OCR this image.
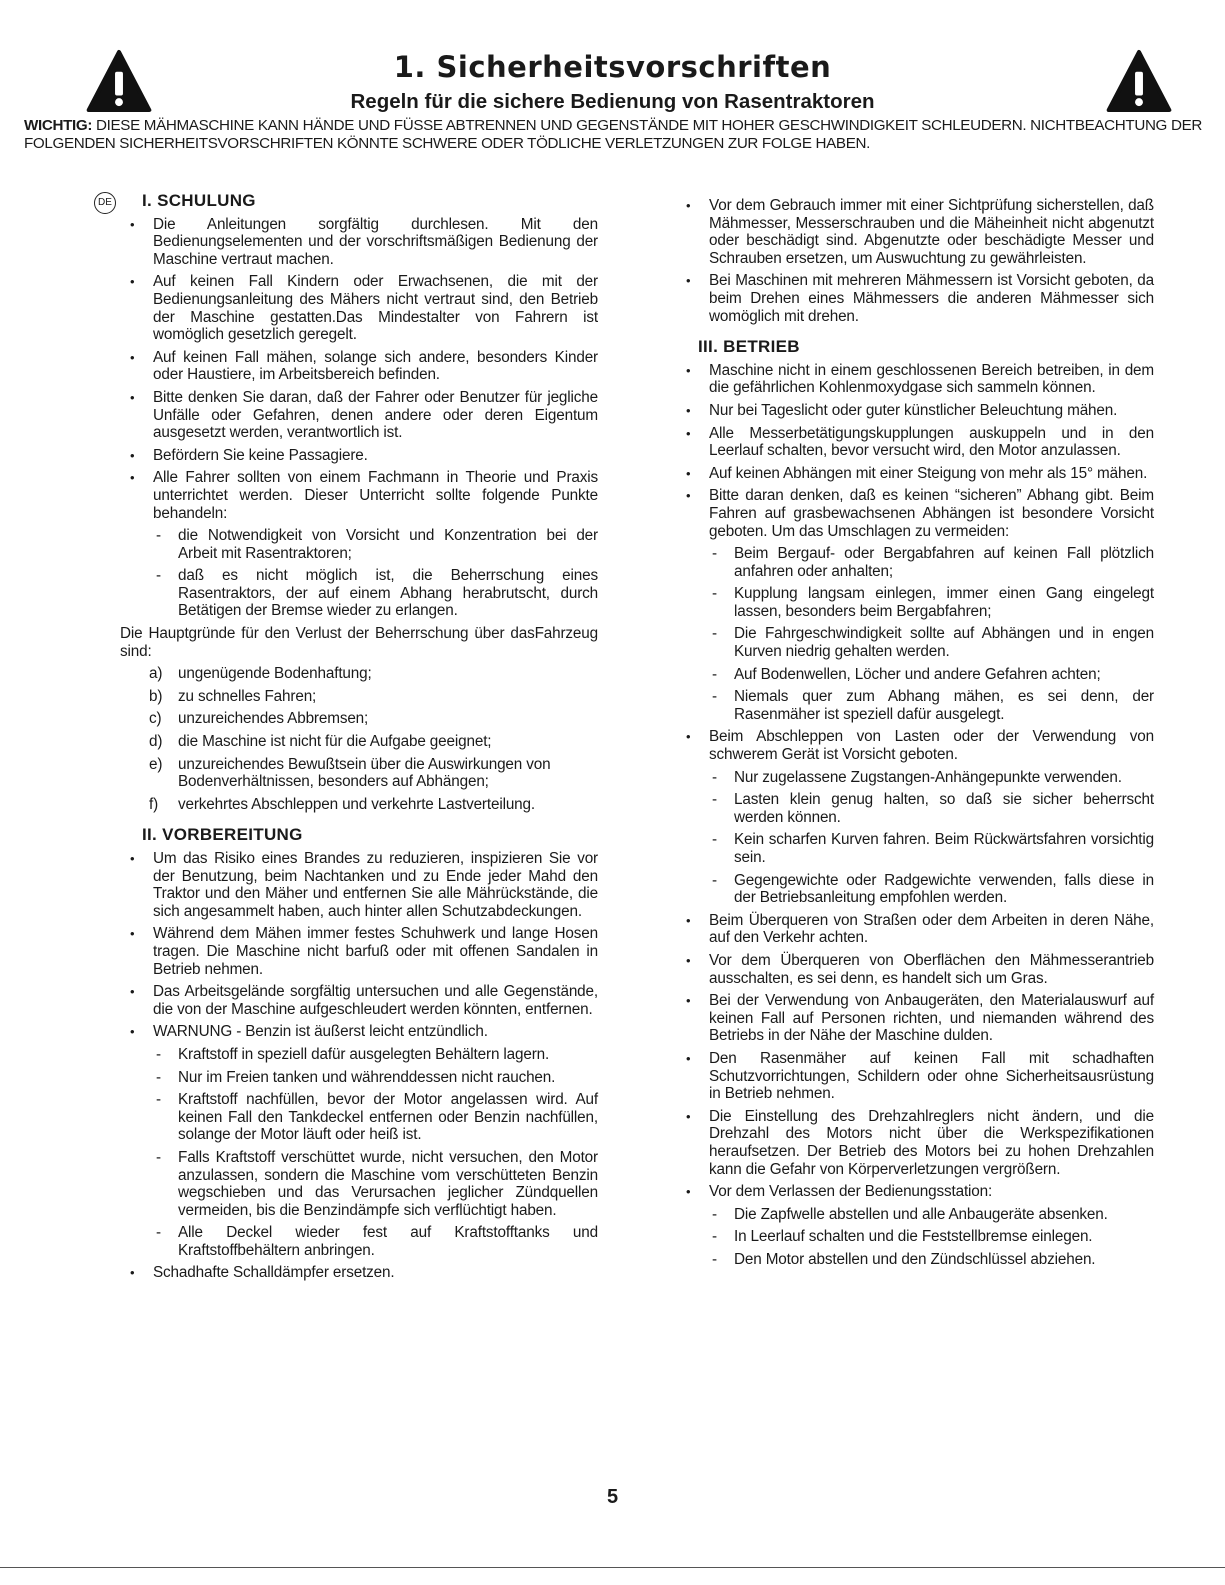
1. Sicherheitsvorschriften
Regeln für die sichere Bedienung von Rasentraktoren
WICHTIG: DIESE MÄHMASCHINE KANN HÄNDE UND FÜSSE ABTRENNEN UND GEGENSTÄNDE MIT HOHER GESCHWINDIGKEIT SCHLEUDERN. NICHTBEACHTUNG DER FOLGENDEN SICHERHEITSVORSCHRIFTEN KÖNNTE SCHWERE ODER TÖDLICHE VERLETZUNGEN ZUR FOLGE HABEN.
DE I. SCHULUNG
• Die Anleitungen sorgfältig durchlesen. Mit den Bedienungselementen und der vorschriftsmäßigen Bedienung der Maschine vertraut machen.
• Auf keinen Fall Kindern oder Erwachsenen, die mit der Bedienungsanleitung des Mähers nicht vertraut sind, den Betrieb der Maschine gestatten.Das Mindestalter von Fahrern ist womöglich gesetzlich geregelt.
• Auf keinen Fall mähen, solange sich andere, besonders Kinder oder Haustiere, im Arbeitsbereich befinden.
• Bitte denken Sie daran, daß der Fahrer oder Benutzer für jegliche Unfälle oder Gefahren, denen andere oder deren Eigentum ausgesetzt werden, verantwortlich ist.
• Befördern Sie keine Passagiere.
• Alle Fahrer sollten von einem Fachmann in Theorie und Praxis unterrichtet werden. Dieser Unterricht sollte folgende Punkte behandeln:
- die Notwendigkeit von Vorsicht und Konzentration bei der Arbeit mit Rasentraktoren;
- daß es nicht möglich ist, die Beherrschung eines Rasentraktors, der auf einem Abhang herabrutscht, durch Betätigen der Bremse wieder zu erlangen.
Die Hauptgründe für den Verlust der Beherrschung über dasFahrzeug sind:
a) ungenügende Bodenhaftung;
b) zu schnelles Fahren;
c) unzureichendes Abbremsen;
d) die Maschine ist nicht für die Aufgabe geeignet;
e) unzureichendes Bewußtsein über die Auswirkungen von Bodenverhältnissen, besonders auf Abhängen;
f) verkehrtes Abschleppen und verkehrte Lastverteilung.
II. VORBEREITUNG
• Um das Risiko eines Brandes zu reduzieren, inspizieren Sie vor der Benutzung, beim Nachtanken und zu Ende jeder Mahd den Traktor und den Mäher und entfernen Sie alle Mährückstände, die sich angesammelt haben, auch hinter allen Schutzabdeckungen.
• Während dem Mähen immer festes Schuhwerk und lange Hosen tragen. Die Maschine nicht barfuß oder mit offenen Sandalen in Betrieb nehmen.
• Das Arbeitsgelände sorgfältig untersuchen und alle Gegenstände, die von der Maschine aufgeschleudert werden könnten, entfernen.
• WARNUNG - Benzin ist äußerst leicht entzündlich.
- Kraftstoff in speziell dafür ausgelegten Behältern lagern.
- Nur im Freien tanken und währenddessen nicht rauchen.
- Kraftstoff nachfüllen, bevor der Motor angelassen wird. Auf keinen Fall den Tankdeckel entfernen oder Benzin nachfüllen, solange der Motor läuft oder heiß ist.
- Falls Kraftstoff verschüttet wurde, nicht versuchen, den Motor anzulassen, sondern die Maschine vom verschütteten Benzin wegschieben und das Verursachen jeglicher Zündquellen vermeiden, bis die Benzindämpfe sich verflüchtigt haben.
- Alle Deckel wieder fest auf Kraftstofftanks und Kraftstoffbehältern anbringen.
• Schadhafte Schalldämpfer ersetzen.
• Vor dem Gebrauch immer mit einer Sichtprüfung sicherstellen, daß Mähmesser, Messerschrauben und die Mäheinheit nicht abgenutzt oder beschädigt sind. Abgenutzte oder beschädigte Messer und Schrauben ersetzen, um Auswuchtung zu gewährleisten.
• Bei Maschinen mit mehreren Mähmessern ist Vorsicht geboten, da beim Drehen eines Mähmessers die anderen Mähmesser sich womöglich mit drehen.
III. BETRIEB
• Maschine nicht in einem geschlossenen Bereich betreiben, in dem die gefährlichen Kohlenmoxydgase sich sammeln können.
• Nur bei Tageslicht oder guter künstlicher Beleuchtung mähen.
• Alle Messerbetätigungskupplungen auskuppeln und in den Leerlauf schalten, bevor versucht wird, den Motor anzulassen.
• Auf keinen Abhängen mit einer Steigung von mehr als 15° mähen.
• Bitte daran denken, daß es keinen “sicheren” Abhang gibt. Beim Fahren auf grasbewachsenen Abhängen ist besondere Vorsicht geboten. Um das Umschlagen zu vermeiden:
- Beim Bergauf- oder Bergabfahren auf keinen Fall plötzlich anfahren oder anhalten;
- Kupplung langsam einlegen, immer einen Gang eingelegt lassen, besonders beim Bergabfahren;
- Die Fahrgeschwindigkeit sollte auf Abhängen und in engen Kurven niedrig gehalten werden.
- Auf Bodenwellen, Löcher und andere Gefahren achten;
- Niemals quer zum Abhang mähen, es sei denn, der Rasenmäher ist speziell dafür ausgelegt.
• Beim Abschleppen von Lasten oder der Verwendung von schwerem Gerät ist Vorsicht geboten.
- Nur zugelassene Zugstangen-Anhängepunkte verwenden.
- Lasten klein genug halten, so daß sie sicher beherrscht werden können.
- Kein scharfen Kurven fahren. Beim Rückwärtsfahren vorsichtig sein.
- Gegengewichte oder Radgewichte verwenden, falls diese in der Betriebsanleitung empfohlen werden.
• Beim Überqueren von Straßen oder dem Arbeiten in deren Nähe, auf den Verkehr achten.
• Vor dem Überqueren von Oberflächen den Mähmesserantrieb ausschalten, es sei denn, es handelt sich um Gras.
• Bei der Verwendung von Anbaugeräten, den Materialauswurf auf keinen Fall auf Personen richten, und niemanden während des Betriebs in der Nähe der Maschine dulden.
• Den Rasenmäher auf keinen Fall mit schadhaften Schutzvorrichtungen, Schildern oder ohne Sicherheitsausrüstung in Betrieb nehmen.
• Die Einstellung des Drehzahlreglers nicht ändern, und die Drehzahl des Motors nicht über die Werkspezifikationen heraufsetzen. Der Betrieb des Motors bei zu hohen Drehzahlen kann die Gefahr von Körperverletzungen vergrößern.
• Vor dem Verlassen der Bedienungsstation:
- Die Zapfwelle abstellen und alle Anbaugeräte absenken.
- In Leerlauf schalten und die Feststellbremse einlegen.
- Den Motor abstellen und den Zündschlüssel abziehen.
5
